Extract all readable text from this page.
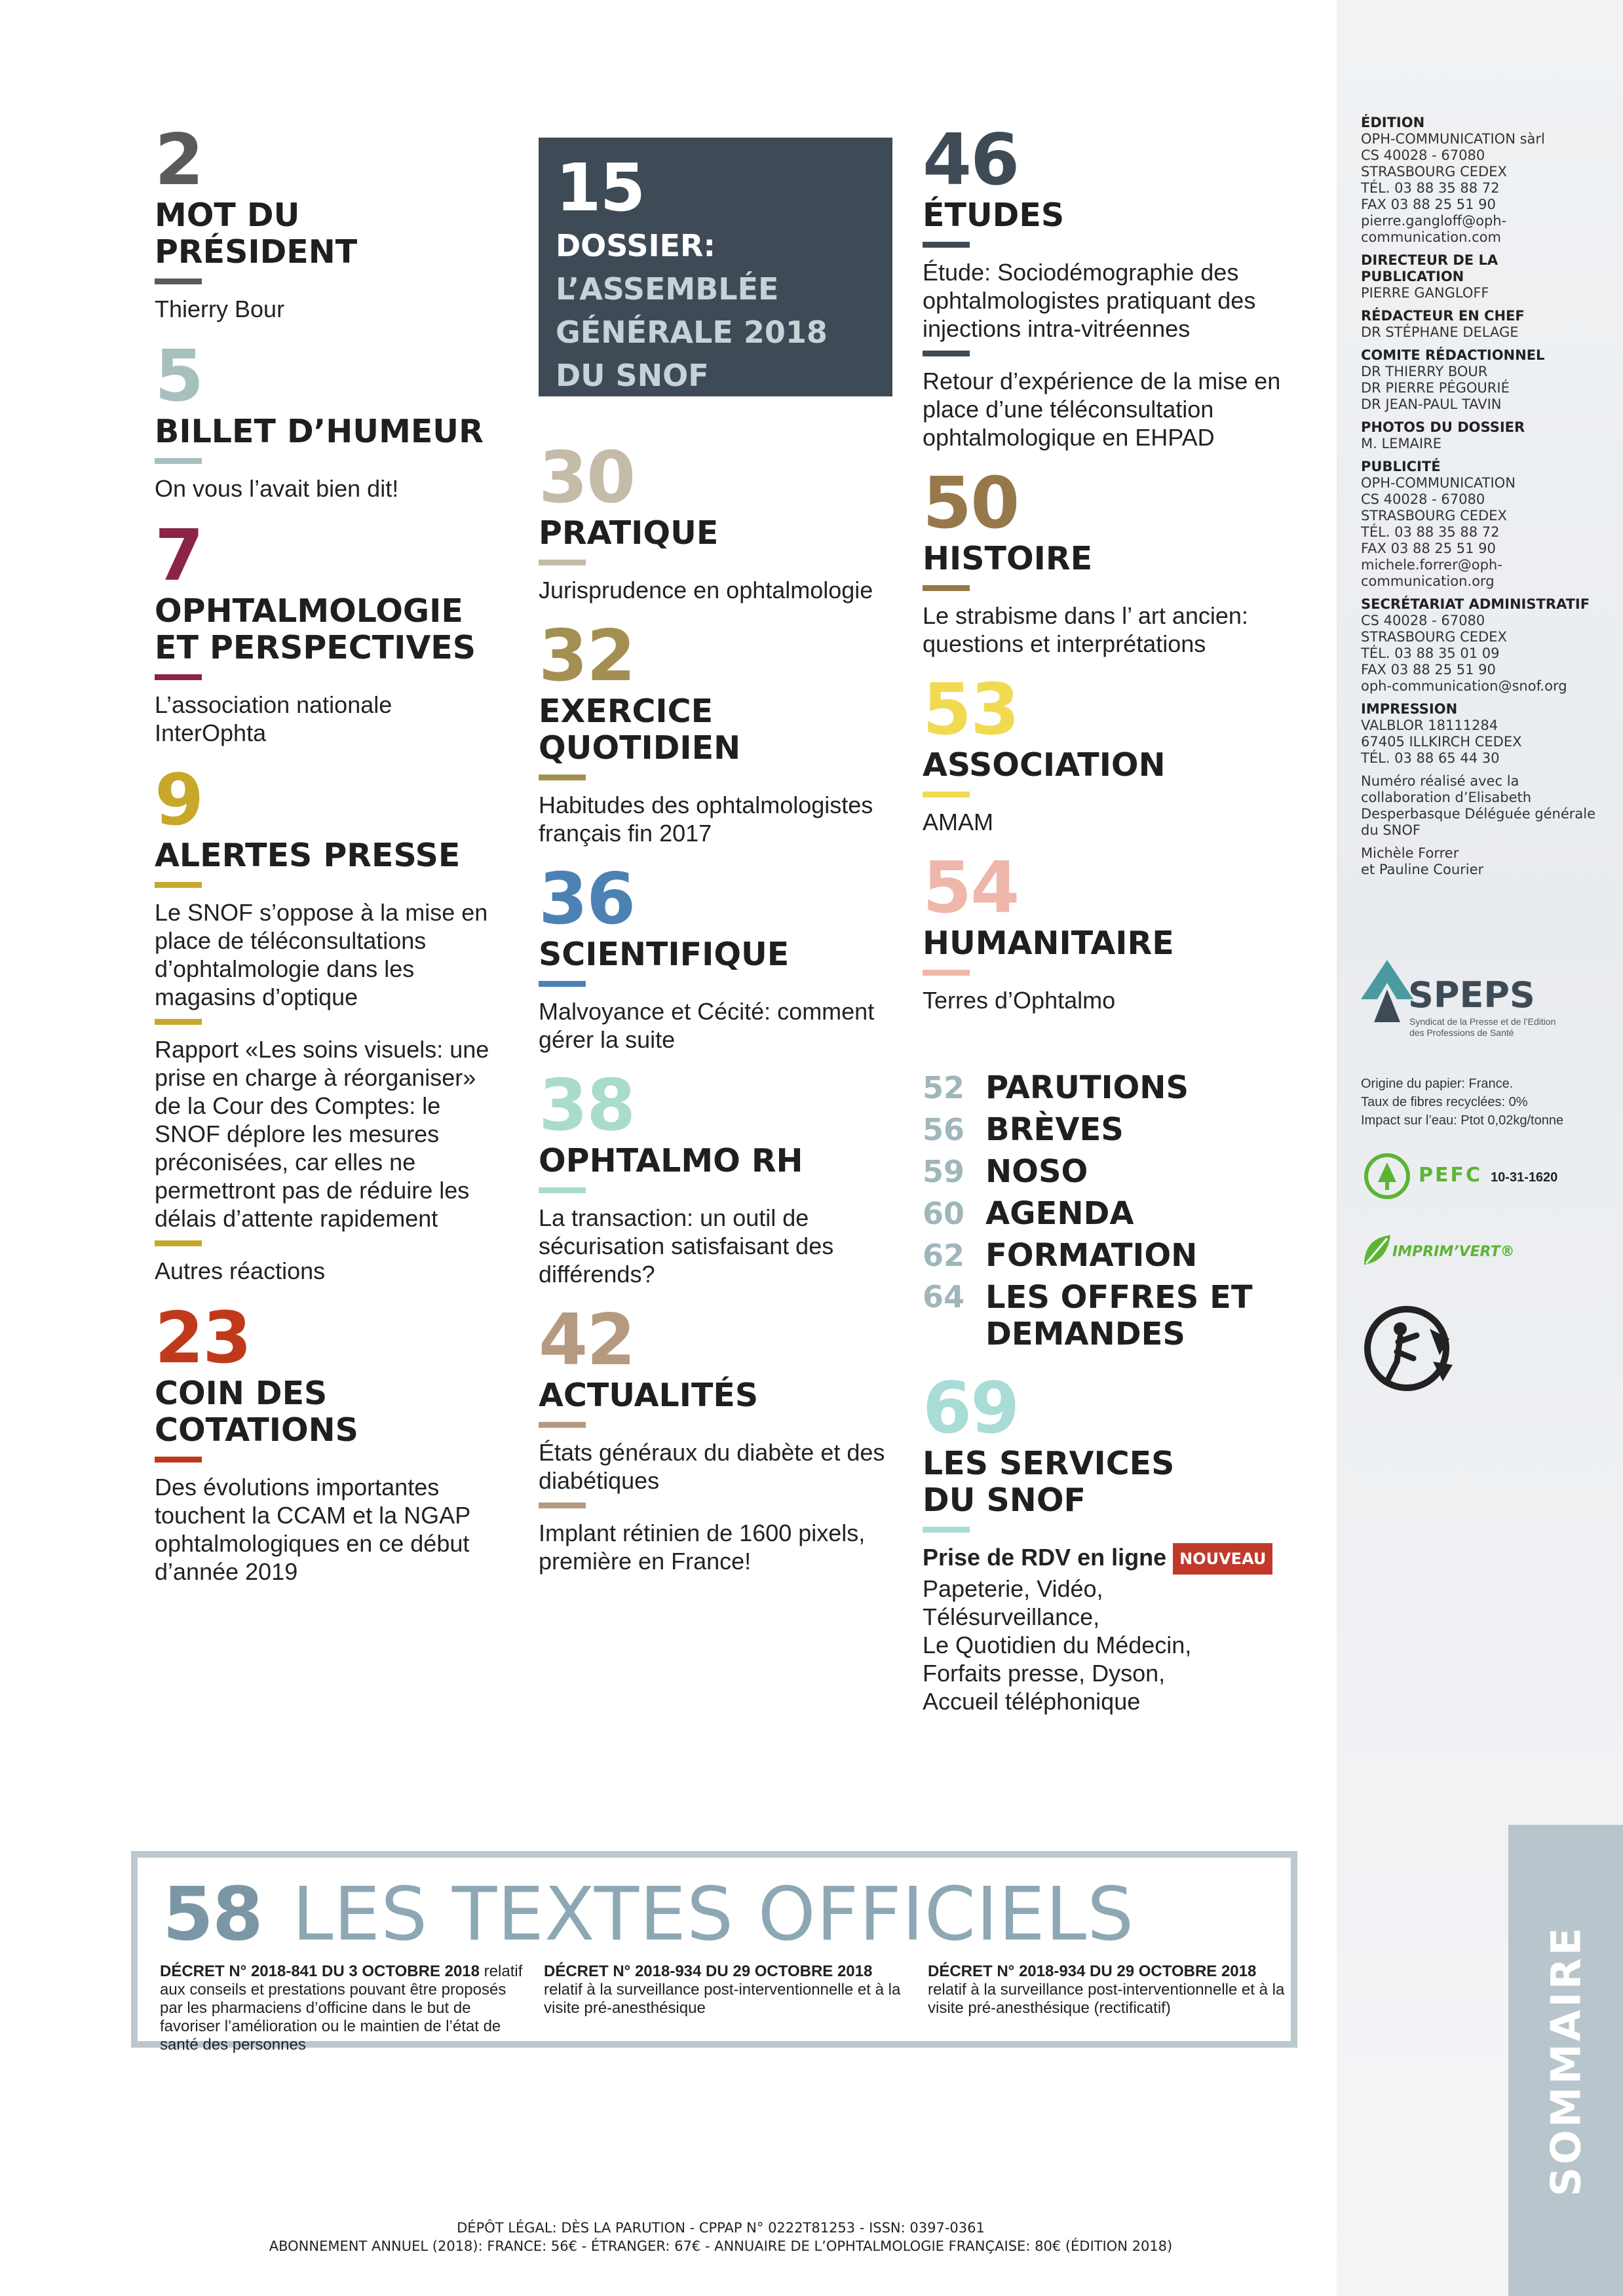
2
MOT DU PRÉSIDENT
Thierry Bour
5
BILLET D’HUMEUR
On vous l’avait bien dit!
7
OPHTALMOLOGIE ET PERSPECTIVES
L’association nationale InterOphta
9
ALERTES PRESSE
Le SNOF s’oppose à la mise en place de téléconsultations d’ophtalmologie dans les magasins d’optique
Rapport «Les soins visuels: une prise en charge à réorganiser» de la Cour des Comptes: le SNOF déplore les mesures préconisées, car elles ne permettront pas de réduire les délais d’attente rapidement
Autres réactions
23
COIN DES COTATIONS
Des évolutions importantes touchent la CCAM et la NGAP ophtalmologiques en ce début d’année 2019
15
DOSSIER:
L’ASSEMBLÉE GÉNÉRALE 2018 DU SNOF
30
PRATIQUE
Jurisprudence en ophtalmologie
32
EXERCICE QUOTIDIEN
Habitudes des ophtalmologistes français fin 2017
36
SCIENTIFIQUE
Malvoyance et Cécité: comment gérer la suite
38
OPHTALMO RH
La transaction: un outil de sécurisation satisfaisant des différends?
42
ACTUALITÉS
États généraux du diabète et des diabétiques
Implant rétinien de 1600 pixels, première en France!
46
ÉTUDES
Étude: Sociodémographie des ophtalmologistes pratiquant des injections intra-vitréennes
Retour d’expérience de la mise en place d’une téléconsultation ophtalmologique en EHPAD
50
HISTOIRE
Le strabisme dans l’ art ancien: questions et interprétations
53
ASSOCIATION
AMAM
54
HUMANITAIRE
Terres d’Ophtalmo
52 PARUTIONS
56 BRÈVES
59 NOSO
60 AGENDA
62 FORMATION
64 LES OFFRES ET DEMANDES
69
LES SERVICES DU SNOF
Prise de RDV en ligne NOUVEAU
Papeterie, Vidéo,
Télésurveillance,
Le Quotidien du Médecin,
Forfaits presse, Dyson,
Accueil téléphonique
ÉDITION
OPH-COMMUNICATION sàrl
CS 40028 - 67080
STRASBOURG CEDEX
TÉL. 03 88 35 88 72
FAX 03 88 25 51 90
pierre.gangloff@oph-
communication.com
DIRECTEUR DE LA PUBLICATION
PIERRE GANGLOFF
RÉDACTEUR EN CHEF
DR STÉPHANE DELAGE
COMITE RÉDACTIONNEL
DR THIERRY BOUR
DR PIERRE PÉGOURIÉ
DR JEAN-PAUL TAVIN
PHOTOS DU DOSSIER
M. LEMAIRE
PUBLICITÉ
OPH-COMMUNICATION
CS 40028 - 67080
STRASBOURG CEDEX
TÉL. 03 88 35 88 72
FAX 03 88 25 51 90
michele.forrer@oph-
communication.org
SECRÉTARIAT ADMINISTRATIF
CS 40028 - 67080
STRASBOURG CEDEX
TÉL. 03 88 35 01 09
FAX 03 88 25 51 90
oph-communication@snof.org
IMPRESSION
VALBLOR 18111284
67405 ILLKIRCH CEDEX
TÉL. 03 88 65 44 30
Numéro réalisé avec la collaboration d’Elisabeth Desperbasque Déléguée générale du SNOF
Michèle Forrer
et Pauline Courier
SPEPS
Syndicat de la Presse et de l’Edition des Professions de Santé
Origine du papier: France.
Taux de fibres recyclées: 0%
Impact sur l’eau: Ptot 0,02kg/tonne
PEFC 10-31-1620
IMPRIM’VERT®
58 LES TEXTES OFFICIELS
DÉCRET N° 2018-841 DU 3 OCTOBRE 2018 relatif aux conseils et prestations pouvant être proposés par les pharmaciens d’officine dans le but de favoriser l’amélioration ou le maintien de l’état de santé des personnes
DÉCRET N° 2018-934 DU 29 OCTOBRE 2018 relatif à la surveillance post-interventionnelle et à la visite pré-anesthésique
DÉCRET N° 2018-934 DU 29 OCTOBRE 2018 relatif à la surveillance post-interventionnelle et à la visite pré-anesthésique (rectificatif)	SOMMAIRE
DÉPÔT LÉGAL: DÈS LA PARUTION - CPPAP N° 0222T81253 - ISSN: 0397-0361
ABONNEMENT ANNUEL (2018): FRANCE: 56€ - ÉTRANGER: 67€ - ANNUAIRE DE L’OPHTALMOLOGIE FRANÇAISE: 80€ (ÉDITION 2018)
